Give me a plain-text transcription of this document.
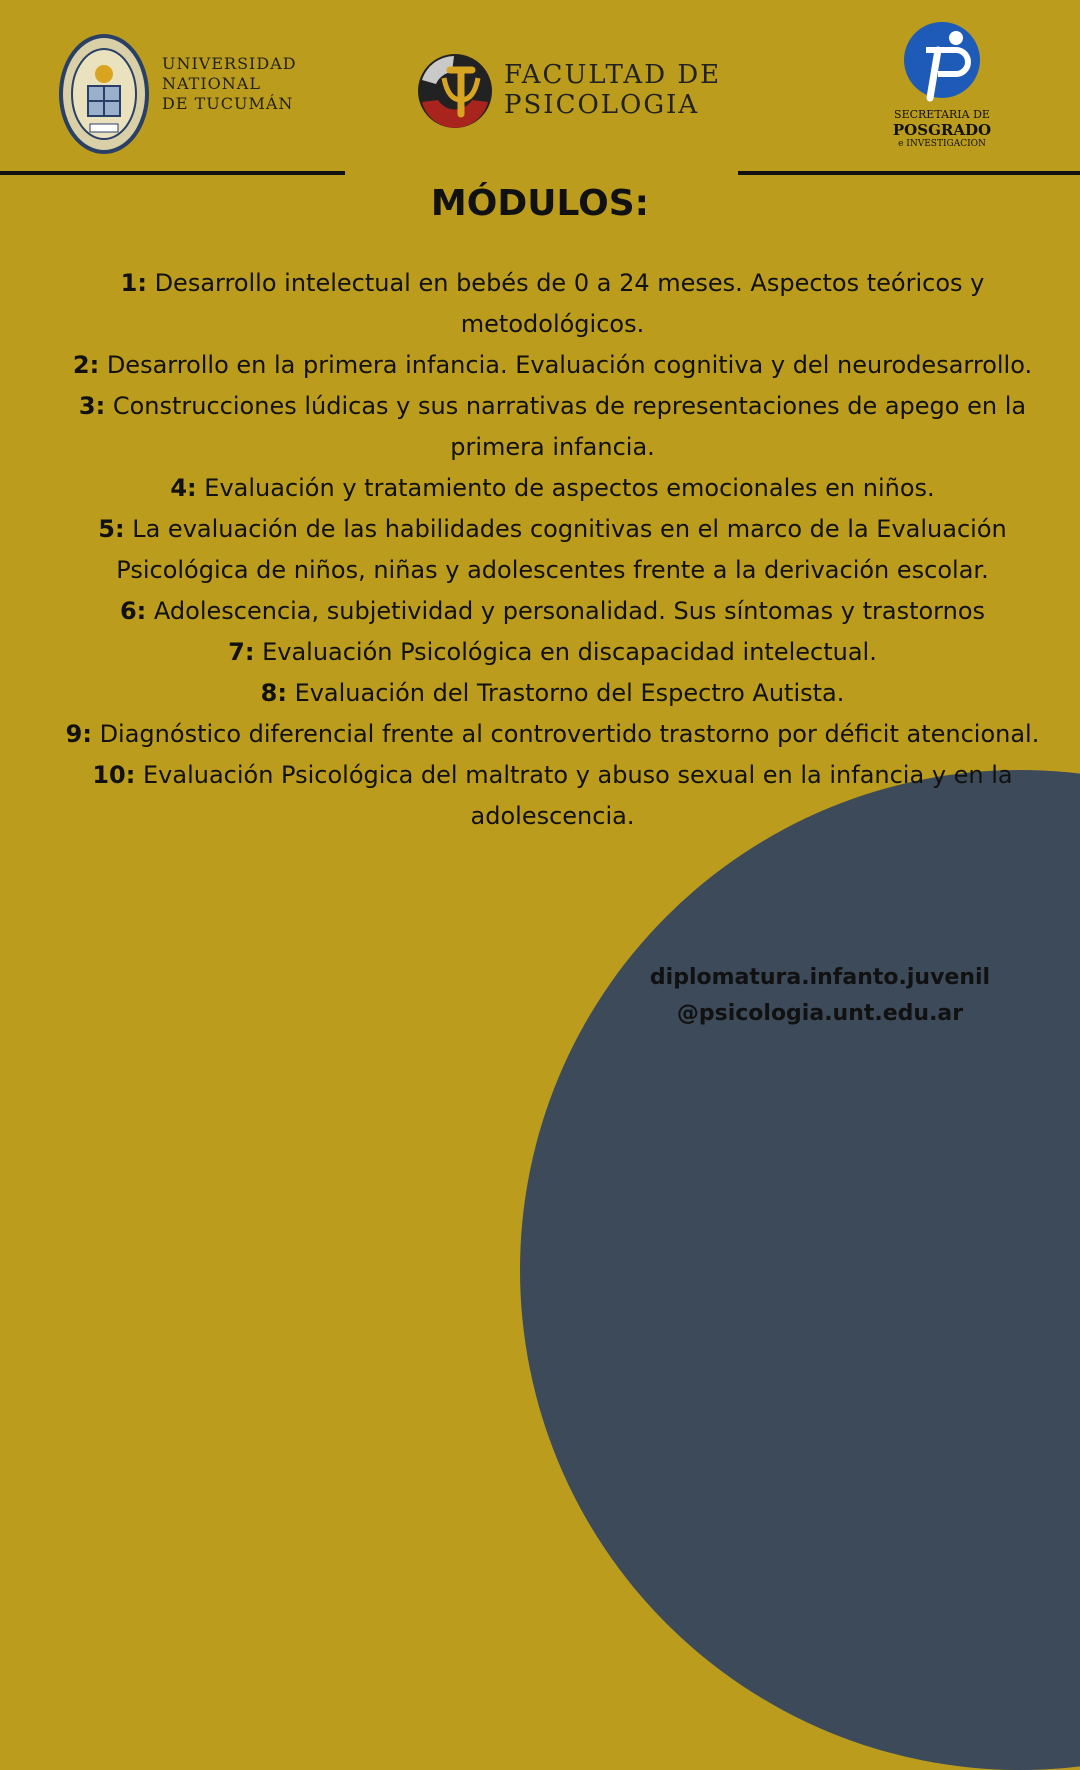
UNIVERSIDAD
NATIONAL
DE TUCUMÁN
FACULTAD DE
PSICOLOGIA	SECRETARIA DE
POSGRADO
e INVESTIGACION
MÓDULOS:
1: Desarrollo intelectual en bebés de 0 a 24 meses. Aspectos teóricos y metodológicos.
2: Desarrollo en la primera infancia. Evaluación cognitiva y del neurodesarrollo.
3: Construcciones lúdicas y sus narrativas de representaciones de apego en la primera infancia.
4: Evaluación y tratamiento de aspectos emocionales en niños.
5: La evaluación de las habilidades cognitivas en el marco de la Evaluación Psicológica de niños, niñas y adolescentes frente a la derivación escolar.
6: Adolescencia, subjetividad y personalidad. Sus síntomas y trastornos
7: Evaluación Psicológica en discapacidad intelectual.
8: Evaluación del Trastorno del Espectro Autista.
9: Diagnóstico diferencial frente al controvertido trastorno por déficit atencional.
10: Evaluación Psicológica del maltrato y abuso sexual en la infancia y en la adolescencia.
diplomatura.infanto.juvenil
@psicologia.unt.edu.ar
